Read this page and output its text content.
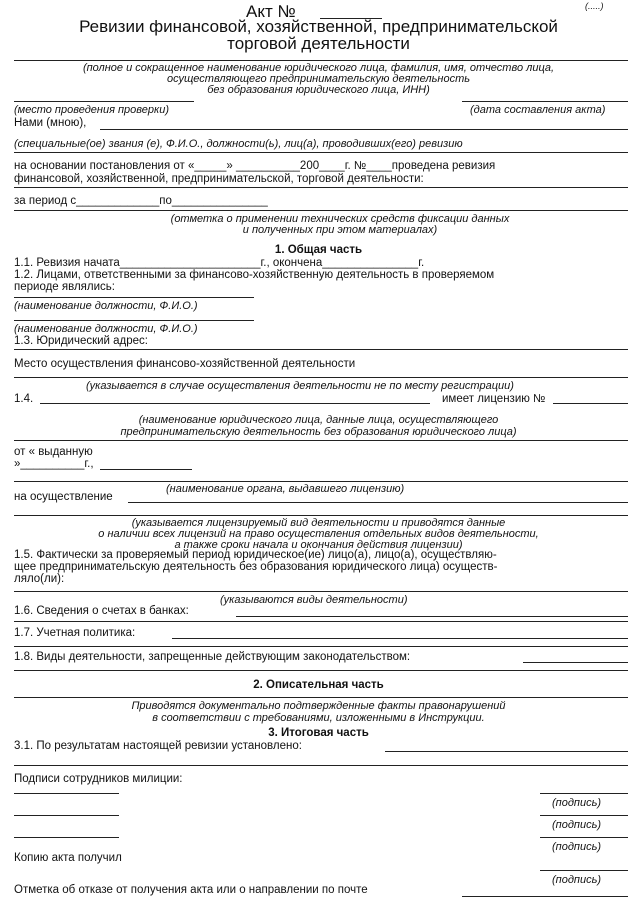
(.....)
Акт №
Ревизии финансовой, хозяйственной, предпринимательской
торговой деятельности
(полное и сокращенное наименование юридического лица, фамилия, имя, отчество лица,
осуществляющего предпринимательскую деятельность
без образования юридического лица, ИНН)
(место проведения проверки)	(дата составления акта)
Нами (мною),
(специальные(ое) звания (е), Ф.И.О., должности(ь), лиц(а), проводивших(его) ревизию
на основании постановления от «_____» __________200____г. №____проведена ревизия
финансовой, хозяйственной, предпринимательской, торговой деятельности:
за период с_____________по_______________
(отметка о применении технических средств фиксации данных
и полученных при этом материалах)
1. Общая часть
1.1. Ревизия начата______________________г., окончена_______________г.
1.2. Лицами, ответственными за финансово-хозяйственную деятельность в проверяемом
периоде являлись:
(наименование должности, Ф.И.О.)
(наименование должности, Ф.И.О.)
1.3. Юридический адрес:
Место осуществления финансово-хозяйственной деятельности
(указывается в случае осуществления деятельности не по месту регистрации)
1.4.	имеет лицензию №
(наименование юридического лица, данные лица, осуществляющего
предпринимательскую деятельность без образования юридического лица)
от « выданную
»__________г.,
(наименование органа, выдавшего лицензию)
на осуществление
(указывается лицензируемый вид деятельности и приводятся данные
о наличии всех лицензий на право осуществления отдельных видов деятельности,
а также сроки начала и окончания действия лицензии)
1.5. Фактически за проверяемый период юридическое(ие) лицо(а), лицо(а), осуществляю-
щее предпринимательскую деятельность без образования юридического лица) осуществ-
ляло(ли):
(указываются виды деятельности)
1.6. Сведения о счетах в банках:
1.7. Учетная политика:
1.8. Виды деятельности, запрещенные действующим законодательством:
2. Описательная часть
Приводятся документально подтвержденные факты правонарушений
в соответствии с требованиями, изложенными в Инструкции.
3. Итоговая часть
3.1. По результатам настоящей ревизии установлено:
Подписи сотрудников милиции:
(подпись)
(подпись)
(подпись)
Копию акта получил
(подпись)
Отметка об отказе от получения акта или о направлении по почте
